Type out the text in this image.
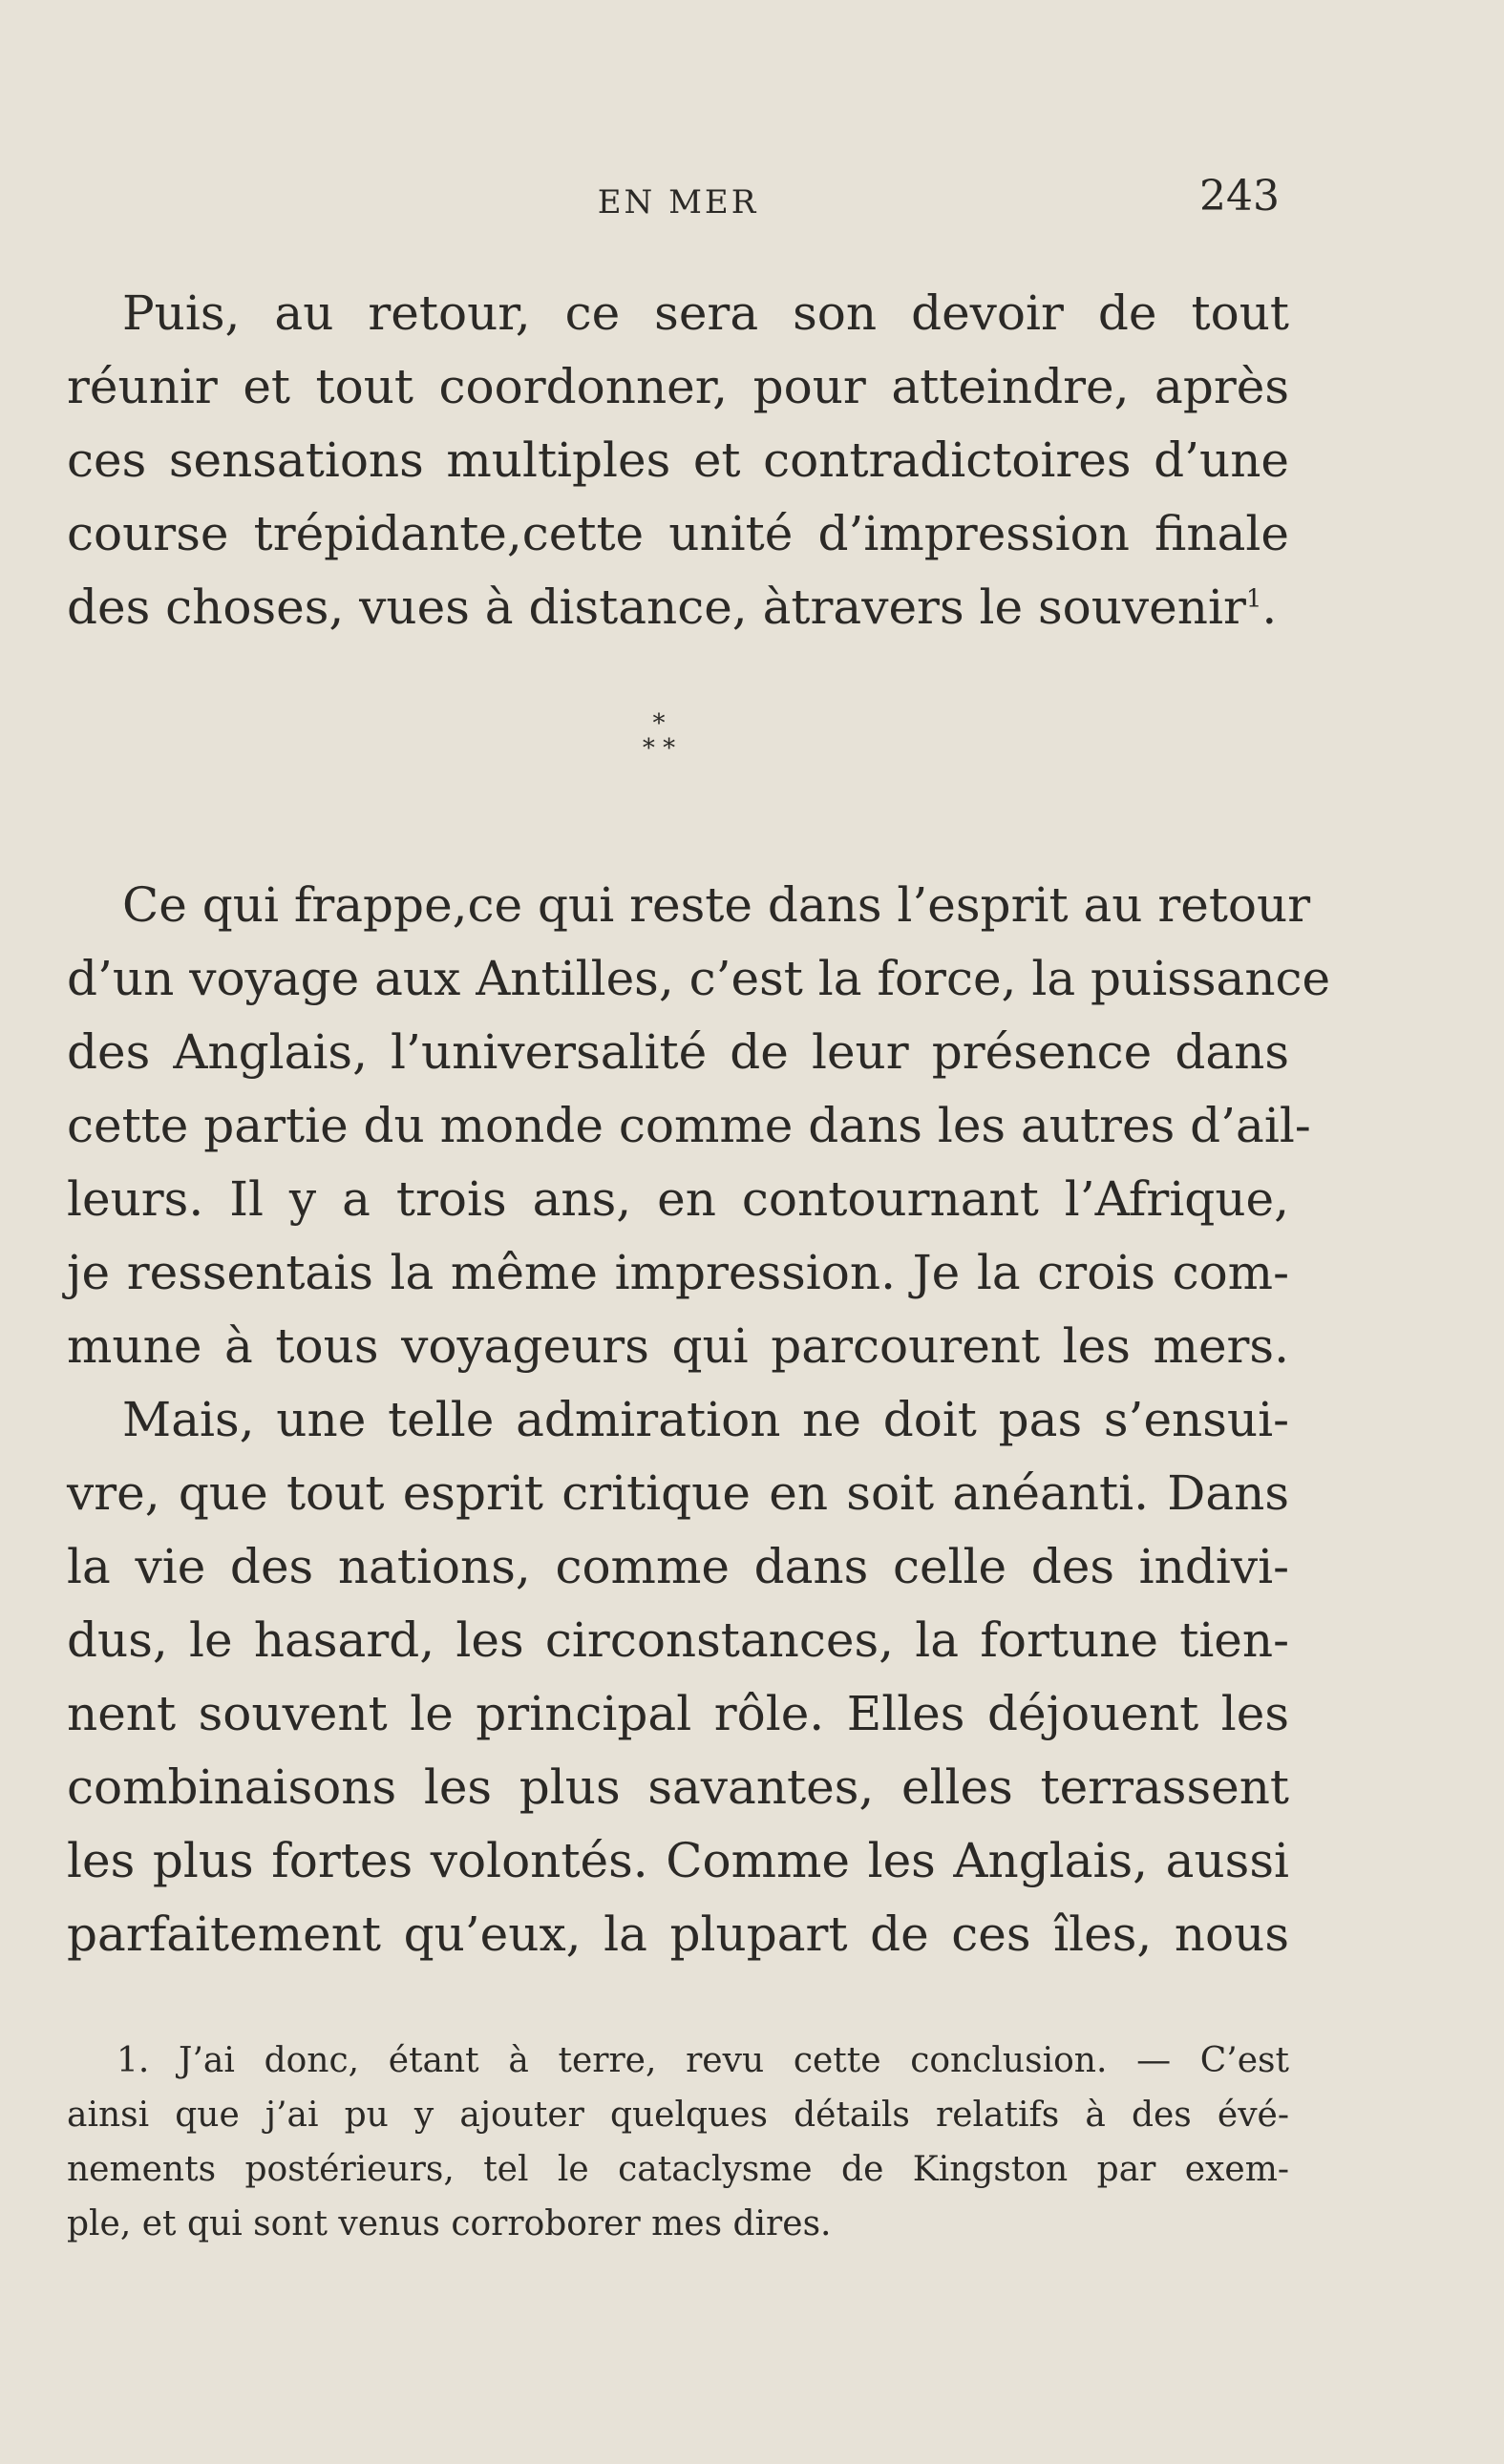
EN MER	243
Puis, au retour, ce sera son devoir de tout
réunir et tout coordonner, pour atteindre, après
ces sensations multiples et contradictoires d’une
course trépidante,cette unité d’impression finale
des choses, vues à distance, àtravers le souvenir$^1$.
*
* *
Ce qui frappe,ce qui reste dans l’esprit au retour
d’un voyage aux Antilles, c’est la force, la puissance
des Anglais, l’universalité de leur présence dans
cette partie du monde comme dans les autres d’ail-
leurs. Il y a trois ans, en contournant l’Afrique,
je ressentais la même impression. Je la crois com-
mune à tous voyageurs qui parcourent les mers.
Mais, une telle admiration ne doit pas s’ensui-
vre, que tout esprit critique en soit anéanti. Dans
la vie des nations, comme dans celle des indivi-
dus, le hasard, les circonstances, la fortune tien-
nent souvent le principal rôle. Elles déjouent les
combinaisons les plus savantes, elles terrassent
les plus fortes volontés. Comme les Anglais, aussi
parfaitement qu’eux, la plupart de ces îles, nous
1. J’ai donc, étant à terre, revu cette conclusion. — C’est
ainsi que j’ai pu y ajouter quelques détails relatifs à des évé-
nements postérieurs, tel le cataclysme de Kingston par exem-
ple, et qui sont venus corroborer mes dires.
